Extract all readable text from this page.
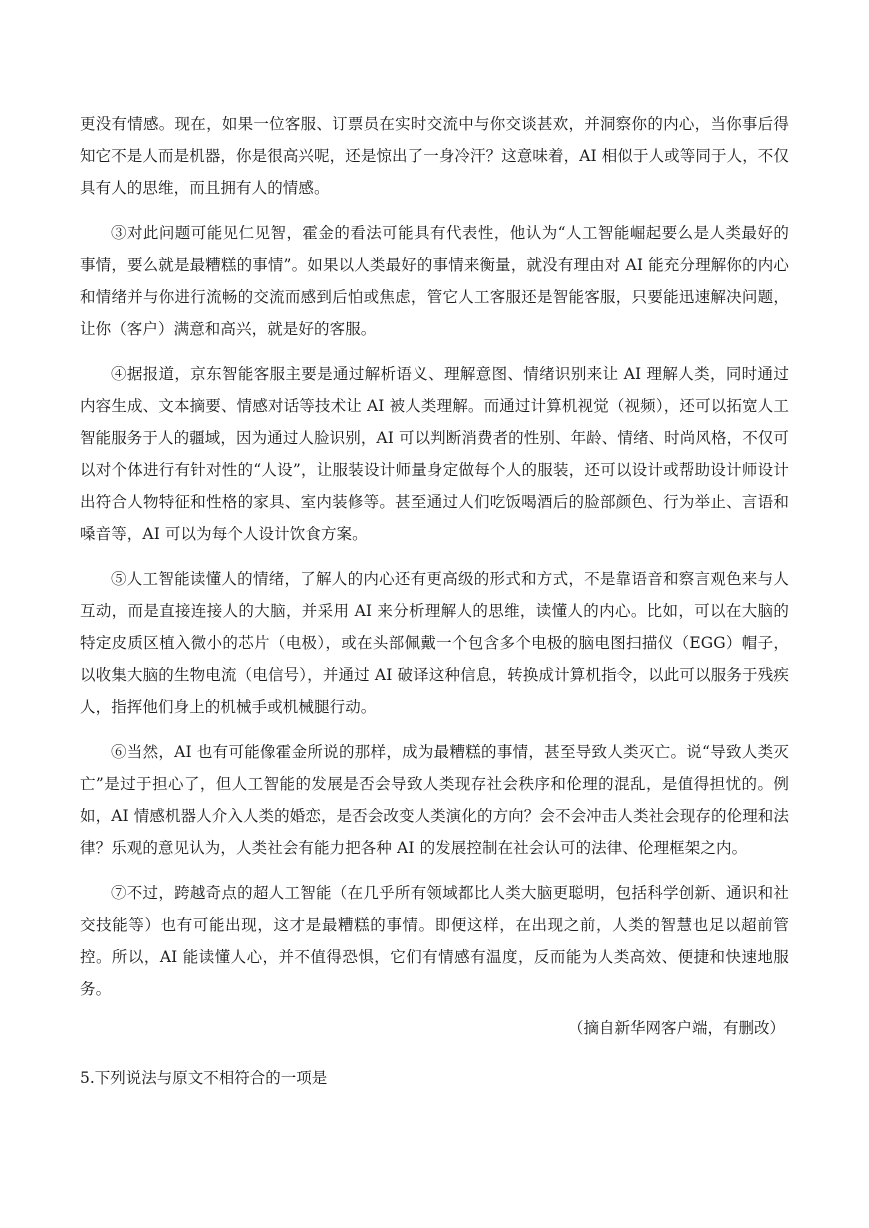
更没有情感。现在，如果一位客服、订票员在实时交流中与你交谈甚欢，并洞察你的内心，当你事后得知它不是人而是机器，你是很高兴呢，还是惊出了一身冷汗？这意味着，AI 相似于人或等同于人，不仅具有人的思维，而且拥有人的情感。

③对此问题可能见仁见智，霍金的看法可能具有代表性，他认为“人工智能崛起要么是人类最好的事情，要么就是最糟糕的事情”。如果以人类最好的事情来衡量，就没有理由对 AI 能充分理解你的内心和情绪并与你进行流畅的交流而感到后怕或焦虑，管它人工客服还是智能客服，只要能迅速解决问题，让你（客户）满意和高兴，就是好的客服。

④据报道，京东智能客服主要是通过解析语义、理解意图、情绪识别来让 AI 理解人类，同时通过内容生成、文本摘要、情感对话等技术让 AI 被人类理解。而通过计算机视觉（视频），还可以拓宽人工智能服务于人的疆域，因为通过人脸识别，AI 可以判断消费者的性别、年龄、情绪、时尚风格，不仅可以对个体进行有针对性的“人设”，让服装设计师量身定做每个人的服装，还可以设计或帮助设计师设计出符合人物特征和性格的家具、室内装修等。甚至通过人们吃饭喝酒后的脸部颜色、行为举止、言语和嗓音等，AI 可以为每个人设计饮食方案。

⑤人工智能读懂人的情绪，了解人的内心还有更高级的形式和方式，不是靠语音和察言观色来与人互动，而是直接连接人的大脑，并采用 AI 来分析理解人的思维，读懂人的内心。比如，可以在大脑的特定皮质区植入微小的芯片（电极），或在头部佩戴一个包含多个电极的脑电图扫描仪（EGG）帽子，以收集大脑的生物电流（电信号），并通过 AI 破译这种信息，转换成计算机指令，以此可以服务于残疾人，指挥他们身上的机械手或机械腿行动。

⑥当然，AI 也有可能像霍金所说的那样，成为最糟糕的事情，甚至导致人类灭亡。说“导致人类灭亡”是过于担心了，但人工智能的发展是否会导致人类现存社会秩序和伦理的混乱，是值得担忧的。例如，AI 情感机器人介入人类的婚恋，是否会改变人类演化的方向？会不会冲击人类社会现存的伦理和法律？乐观的意见认为，人类社会有能力把各种 AI 的发展控制在社会认可的法律、伦理框架之内。

⑦不过，跨越奇点的超人工智能（在几乎所有领域都比人类大脑更聪明，包括科学创新、通识和社交技能等）也有可能出现，这才是最糟糕的事情。即便这样，在出现之前，人类的智慧也足以超前管控。所以，AI 能读懂人心，并不值得恐惧，它们有情感有温度，反而能为人类高效、便捷和快速地服务。

（摘自新华网客户端，有删改）
5.下列说法与原文不相符合的一项是
